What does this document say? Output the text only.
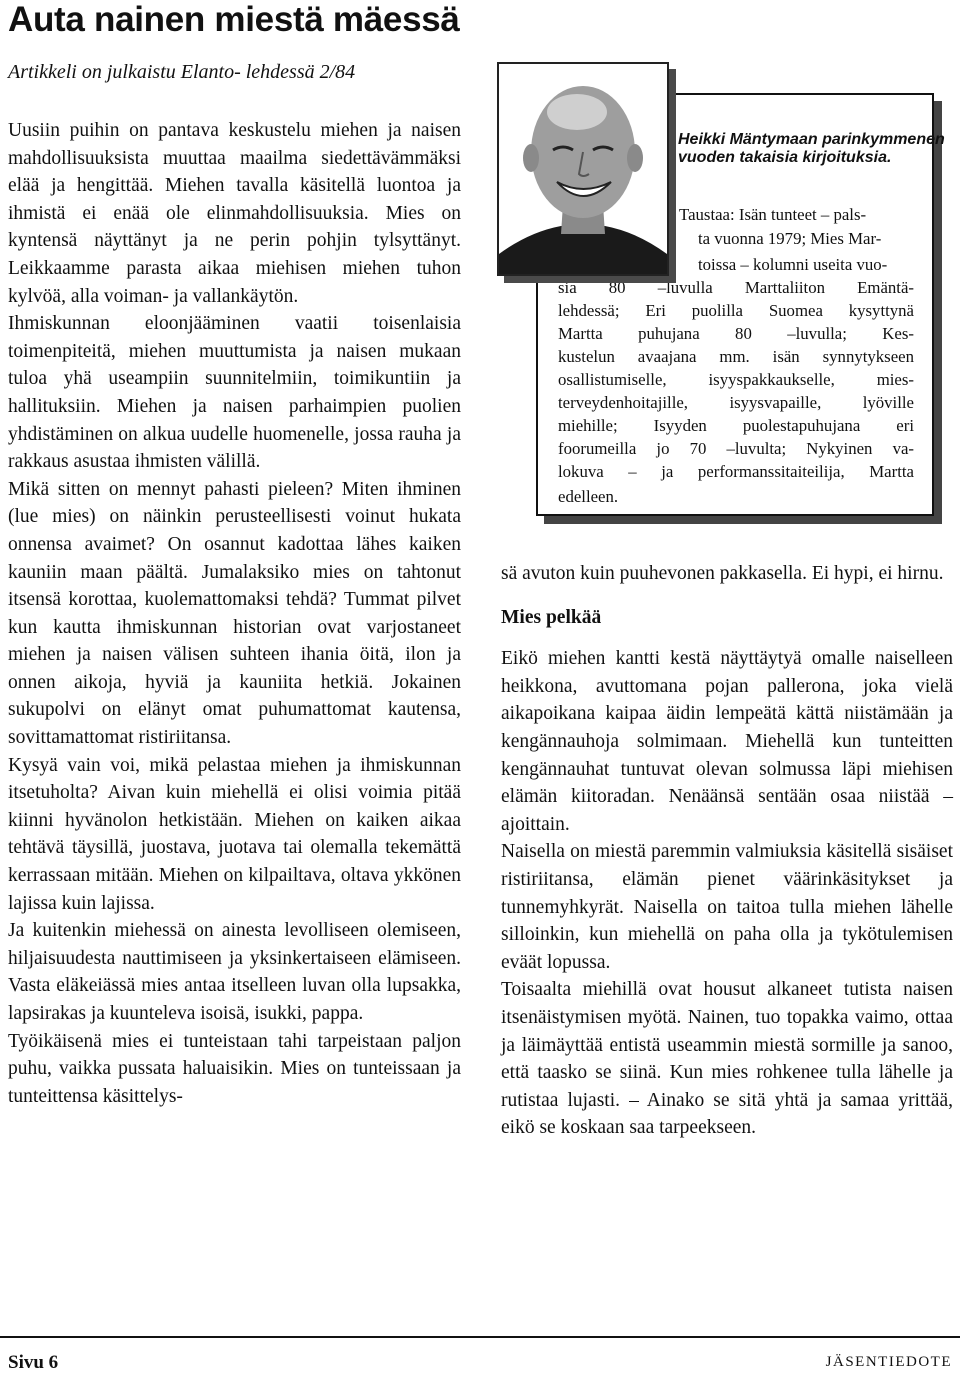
Auta nainen miestä mäessä
Artikkeli on julkaistu Elanto- lehdessä 2/84

Uusiin puihin on pantava keskustelu miehen ja naisen mahdollisuuksista muuttaa maailma siedettävämmäksi elää ja hengittää. Miehen tavalla käsitellä luontoa ja ihmistä ei enää ole elinmahdollisuuksia. Mies on kyntensä näyttänyt ja ne perin pohjin tylsyttänyt. Leikkaamme parasta aikaa miehisen miehen tuhon kylvöä, alla voiman- ja vallankäytön.

Ihmiskunnan eloonjääminen vaatii toisenlaisia toimenpiteitä, miehen muuttumista ja naisen mukaan tuloa yhä useampiin suunnitelmiin, toimikuntiin ja hallituksiin. Miehen ja naisen parhaimpien puolien yhdistäminen on alkua uudelle huomenelle, jossa rauha ja rakkaus asustaa ihmisten välillä.

Mikä sitten on mennyt pahasti pieleen? Miten ihminen (lue mies) on näinkin perusteellisesti voinut hukata onnensa avaimet? On osannut kadottaa lähes kaiken kauniin maan päältä. Jumalaksiko mies on tahtonut itsensä korottaa, kuolemattomaksi tehdä? Tummat pilvet kun kautta ihmiskunnan historian ovat varjostaneet miehen ja naisen välisen suhteen ihania öitä, ilon ja onnen aikoja, hyviä ja kauniita hetkiä. Jokainen sukupolvi on elänyt omat puhumattomat kautensa, sovittamattomat ristiriitansa.

Kysyä vain voi, mikä pelastaa miehen ja ihmiskunnan itsetuholta? Aivan kuin miehellä ei olisi voimia pitää kiinni hyvänolon hetkistään. Miehen on kaiken aikaa tehtävä täysillä, juostava, juotava tai olemalla tekemättä kerrassaan mitään. Miehen on kilpailtava, oltava ykkönen lajissa kuin lajissa.

Ja kuitenkin miehessä on ainesta levolliseen olemiseen, hiljaisuudesta nauttimiseen ja yksinkertaiseen elämiseen. Vasta eläkeiässä mies antaa itselleen luvan olla lupsakka, lapsirakas ja kuunteleva isoisä, isukki, pappa.

Työikäisenä mies ei tunteistaan tahi tarpeistaan paljon puhu, vaikka pussata haluaisikin. Mies on tunteissaan ja tunteittensa käsittelys-

Heikki Mäntymaan parinkymmenen vuoden takaisia kirjoituksia.
Taustaa: Isän tunteet – pals-
ta vuonna 1979; Mies Mar-
toissa – kolumni useita vuo-
sia 80 –luvulla Marttaliiton Emäntä-
lehdessä; Eri puolilla Suomea kysyttynä
Martta puhujana 80 –luvulla; Kes-
kustelun avaajana mm. isän synnytykseen
osallistumiselle, isyyspakkaukselle, mies-
terveydenhoitajille, isyysvapaille, lyöville
miehille; Isyyden puolestapuhujana eri
foorumeilla jo 70 –luvulta; Nykyinen va-
lokuva – ja performanssitaiteilija, Martta
edelleen.

sä avuton kuin puuhevonen pakkasella. Ei hypi, ei hirnu.

Mies pelkää

Eikö miehen kantti kestä näyttäytyä omalle naiselleen heikkona, avuttomana pojan pallerona, joka vielä aikapoikana kaipaa äidin lempeätä kättä niistämään ja kengännauhoja solmimaan. Miehellä kun tunteitten kengännauhat tuntuvat olevan solmussa läpi miehisen elämän kiitoradan. Nenäänsä sentään osaa niistää – ajoittain.

Naisella on miestä paremmin valmiuksia käsitellä sisäiset ristiriitansa, elämän pienet väärinkäsitykset ja tunnemyhkyrät. Naisella on taitoa tulla miehen lähelle silloinkin, kun miehellä on paha olla ja tykötulemisen eväät lopussa.

Toisaalta miehillä ovat housut alkaneet tutista naisen itsenäistymisen myötä. Nainen, tuo topakka vaimo, ottaa ja läimäyttää entistä useammin miestä sormille ja sanoo, että taasko se siinä. Kun mies rohkenee tulla lähelle ja rutistaa lujasti. – Ainako se sitä yhtä ja samaa yrittää, eikö se koskaan saa tarpeekseen.

Sivu 6	JÄSENTIEDOTE
